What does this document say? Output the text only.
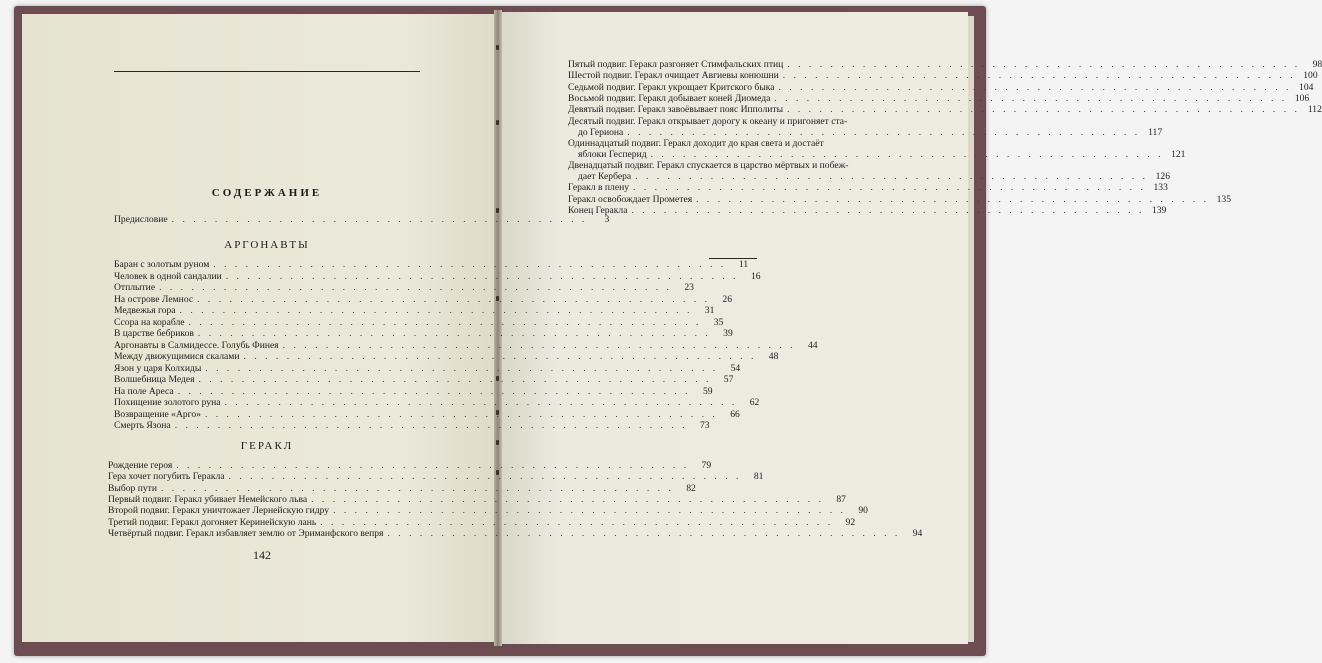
СОДЕРЖАНИЕ
Предисловие . . . . . . . . . . . . . . . . . . . . . . . . . . . . . . . . . . . . . . .	3
АРГОНАВТЫ
Баран с золотым руном . . . . . . . . . . . . . . . . . . . . . . . . . . . . . . . . . . . . . . . . . . . . . . . .	11
Человек в одной сандалии . . . . . . . . . . . . . . . . . . . . . . . . . . . . . . . . . . . . . . . . . . . . . . . .	16
Отплытие . . . . . . . . . . . . . . . . . . . . . . . . . . . . . . . . . . . . . . . . . . . . . . . .	23
На острове Лемнос . . . . . . . . . . . . . . . . . . . . . . . . . . . . . . . . . . . . . . . . . . . . . . . .	26
Медвежья гора . . . . . . . . . . . . . . . . . . . . . . . . . . . . . . . . . . . . . . . . . . . . . . . .	31
Ссора на корабле . . . . . . . . . . . . . . . . . . . . . . . . . . . . . . . . . . . . . . . . . . . . . . . .	35
В царстве бебриков . . . . . . . . . . . . . . . . . . . . . . . . . . . . . . . . . . . . . . . . . . . . . . . .	39
Аргонавты в Салмидессе. Голубь Финея . . . . . . . . . . . . . . . . . . . . . . . . . . . . . . . . . . . . . . . . . . . . . . . .	44
Между движущимися скалами . . . . . . . . . . . . . . . . . . . . . . . . . . . . . . . . . . . . . . . . . . . . . . . .	48
Язон у царя Колхиды . . . . . . . . . . . . . . . . . . . . . . . . . . . . . . . . . . . . . . . . . . . . . . . .	54
Волшебница Медея . . . . . . . . . . . . . . . . . . . . . . . . . . . . . . . . . . . . . . . . . . . . . . . .	57
На поле Ареса . . . . . . . . . . . . . . . . . . . . . . . . . . . . . . . . . . . . . . . . . . . . . . . .	59
Похищение золотого руна . . . . . . . . . . . . . . . . . . . . . . . . . . . . . . . . . . . . . . . . . . . . . . . .	62
Возвращение «Арго» . . . . . . . . . . . . . . . . . . . . . . . . . . . . . . . . . . . . . . . . . . . . . . . .	66
Смерть Язона . . . . . . . . . . . . . . . . . . . . . . . . . . . . . . . . . . . . . . . . . . . . . . . .	73
ГЕРАКЛ
Рождение героя . . . . . . . . . . . . . . . . . . . . . . . . . . . . . . . . . . . . . . . . . . . . . . . .	79
Гера хочет погубить Геракла . . . . . . . . . . . . . . . . . . . . . . . . . . . . . . . . . . . . . . . . . . . . . . . .	81
Выбор пути . . . . . . . . . . . . . . . . . . . . . . . . . . . . . . . . . . . . . . . . . . . . . . . .	82
Первый подвиг. Геракл убивает Немейского льва . . . . . . . . . . . . . . . . . . . . . . . . . . . . . . . . . . . . . . . . . . . . . . . .	87
Второй подвиг. Геракл уничтожает Лернейскую гидру . . . . . . . . . . . . . . . . . . . . . . . . . . . . . . . . . . . . . . . . . . . . . . . .	90
Третий подвиг. Геракл догоняет Керинейскую лань . . . . . . . . . . . . . . . . . . . . . . . . . . . . . . . . . . . . . . . . . . . . . . . .	92
Четвёртый подвиг. Геракл избавляет землю от Эриманфского вепря . . . . . . . . . . . . . . . . . . . . . . . . . . . . . . . . . . . . . . . . . . . . . . . .	94
142
Пятый подвиг. Геракл разгоняет Стимфальских птиц . . . . . . . . . . . . . . . . . . . . . . . . . . . . . . . . . . . . . . . . . . . . . . . .	98
Шестой подвиг. Геракл очищает Авгиевы конюшни . . . . . . . . . . . . . . . . . . . . . . . . . . . . . . . . . . . . . . . . . . . . . . . . 100
Седьмой подвиг. Геракл укрощает Критского быка . . . . . . . . . . . . . . . . . . . . . . . . . . . . . . . . . . . . . . . . . . . . . . . . 104
Восьмой подвиг. Геракл добывает коней Диомеда . . . . . . . . . . . . . . . . . . . . . . . . . . . . . . . . . . . . . . . . . . . . . . . . 106
Девятый подвиг. Геракл завоёвывает пояс Ипполиты . . . . . . . . . . . . . . . . . . . . . . . . . . . . . . . . . . . . . . . . . . . . . . . . 112
Десятый подвиг. Геракл открывает дорогу к океану и пригоняет ста-
до Гериона . . . . . . . . . . . . . . . . . . . . . . . . . . . . . . . . . . . . . . . . . . . . . . . . 117
Одиннадцатый подвиг. Геракл доходит до края света и достаёт
яблоки Гесперид . . . . . . . . . . . . . . . . . . . . . . . . . . . . . . . . . . . . . . . . . . . . . . . . 121
Двенадцатый подвиг. Геракл спускается в царство мёртвых и побеж-
дает Кербера . . . . . . . . . . . . . . . . . . . . . . . . . . . . . . . . . . . . . . . . . . . . . . . . 126
Геракл в плену . . . . . . . . . . . . . . . . . . . . . . . . . . . . . . . . . . . . . . . . . . . . . . . . 133
Геракл освобождает Прометея . . . . . . . . . . . . . . . . . . . . . . . . . . . . . . . . . . . . . . . . . . . . . . . . 135
Конец Геракла . . . . . . . . . . . . . . . . . . . . . . . . . . . . . . . . . . . . . . . . . . . . . . . . 139
